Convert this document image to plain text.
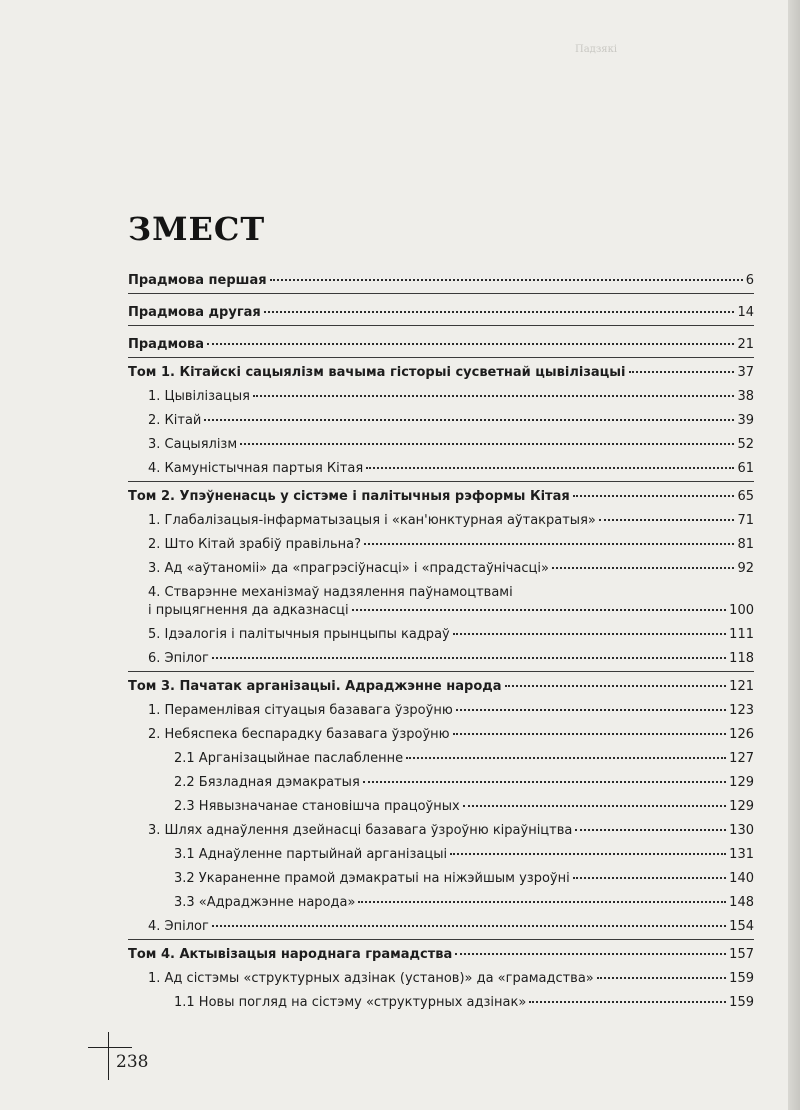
Падзякі
ЗМЕСТ
Прадмова першая	6
Прадмова другая	14
Прадмова	21
Том 1. Кітайскі сацыялізм вачыма гісторыі сусветнай цывілізацыі	37
1. Цывілізацыя	38
2. Кітай	39
3. Сацыялізм	52
4. Камуністычная партыя Кітая	61
Том 2. Упэўненасць у сістэме і палітычныя рэформы Кітая	65
1. Глабалізацыя-інфарматызацыя і «кан'юнктурная аўтакратыя»	71
2. Што Кітай зрабіў правільна?	81
3. Ад «аўтаноміі» да «прагрэсіўнасці» і «прадстаўнічасці»	92
4. Стварэнне механізмаў надзялення паўнамоцтвамі
і прыцягнення да адказнасці	100
5. Ідэалогія і палітычныя прынцыпы кадраў	111
6. Эпілог	118
Том 3. Пачатак арганізацыі. Адраджэнне народа	121
1. Пераменлівая сітуацыя базавага ўзроўню	123
2. Небяспека беспарадку базавага ўзроўню	126
2.1 Арганізацыйнае паслабленне	127
2.2 Бязладная дэмакратыя	129
2.3 Нявызначанае становішча працоўных	129
3. Шлях аднаўлення дзейнасці базавага ўзроўню кіраўніцтва	130
3.1 Аднаўленне партыйнай арганізацыі	131
3.2 Укараненне прамой дэмакратыі на ніжэйшым узроўні	140
3.3 «Адраджэнне народа»	148
4. Эпілог	154
Том 4. Актывізацыя народнага грамадства	157
1. Ад сістэмы «структурных адзінак (установ)» да «грамадства»	159
1.1 Новы погляд на сістэму «структурных адзінак»	159
238
